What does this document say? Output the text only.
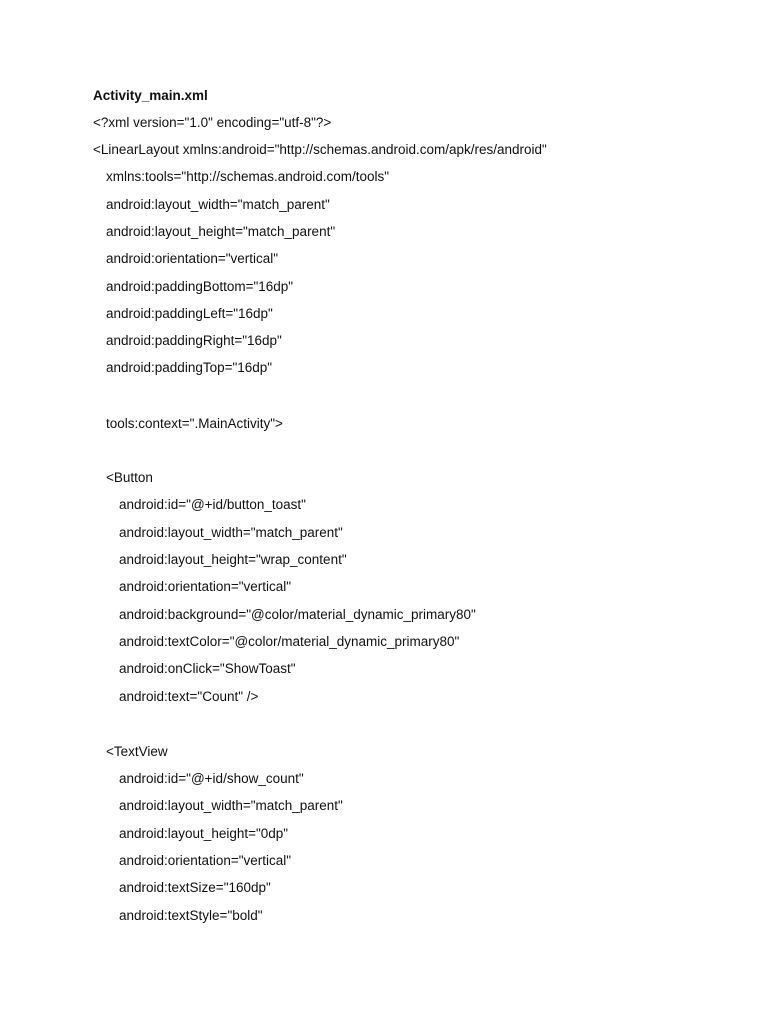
Activity_main.xml
<?xml version="1.0" encoding="utf-8"?>
<LinearLayout xmlns:android="http://schemas.android.com/apk/res/android"
xmlns:tools="http://schemas.android.com/tools"
android:layout_width="match_parent"
android:layout_height="match_parent"
android:orientation="vertical"
android:paddingBottom="16dp"
android:paddingLeft="16dp"
android:paddingRight="16dp"
android:paddingTop="16dp"
tools:context=".MainActivity">
<Button
android:id="@+id/button_toast"
android:layout_width="match_parent"
android:layout_height="wrap_content"
android:orientation="vertical"
android:background="@color/material_dynamic_primary80"
android:textColor="@color/material_dynamic_primary80"
android:onClick="ShowToast"
android:text="Count" />
<TextView
android:id="@+id/show_count"
android:layout_width="match_parent"
android:layout_height="0dp"
android:orientation="vertical"
android:textSize="160dp"
android:textStyle="bold"
